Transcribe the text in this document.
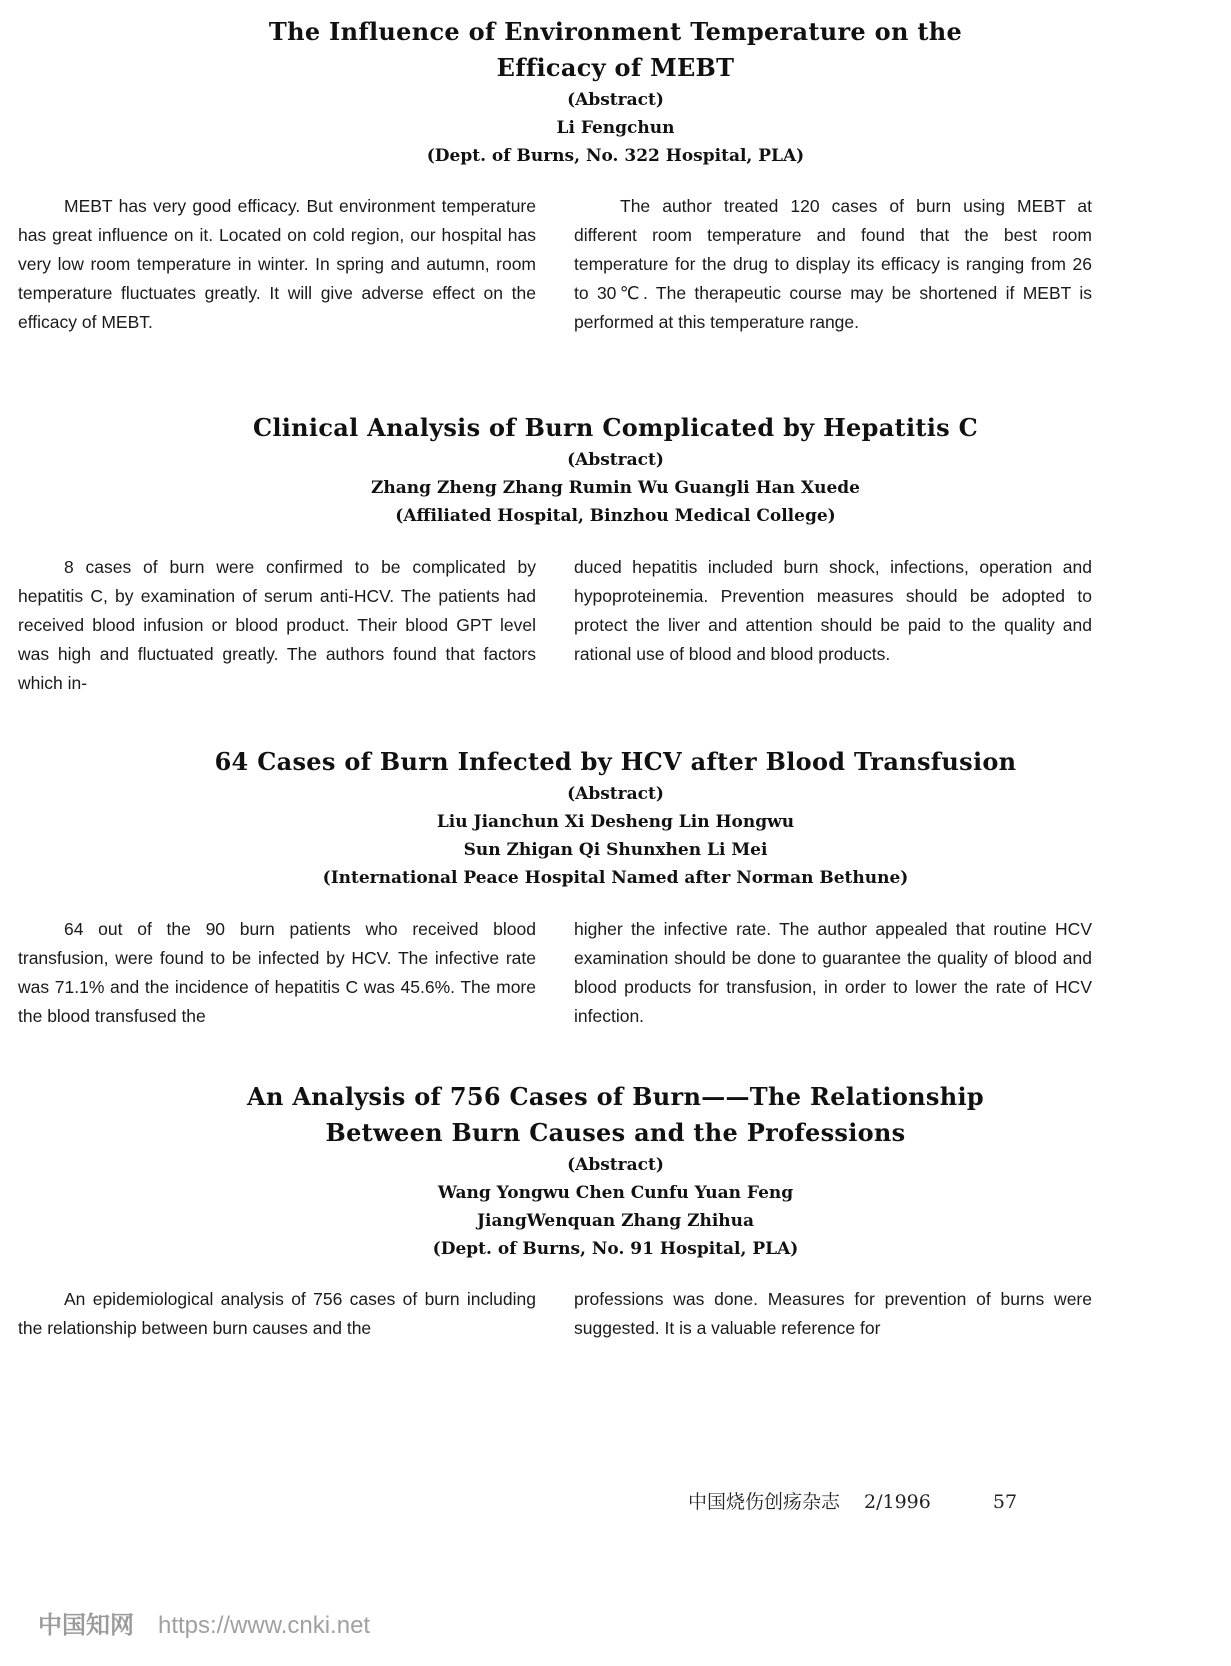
The Influence of Environment Temperature on the
Efficacy of MEBT
(Abstract)
Li Fengchun
(Dept. of Burns, No. 322 Hospital, PLA)

MEBT has very good efficacy. But environment temperature has great influence on it. Located on cold region, our hospital has very low room temperature in winter. In spring and autumn, room temperature fluctuates greatly. It will give adverse effect on the efficacy of MEBT.

The author treated 120 cases of burn using MEBT at different room temperature and found that the best room temperature for the drug to display its efficacy is ranging from 26 to 30℃. The therapeutic course may be shortened if MEBT is performed at this temperature range.

Clinical Analysis of Burn Complicated by Hepatitis C
(Abstract)
Zhang Zheng Zhang Rumin Wu Guangli Han Xuede
(Affiliated Hospital, Binzhou Medical College)

8 cases of burn were confirmed to be complicated by hepatitis C, by examination of serum anti-HCV. The patients had received blood infusion or blood product. Their blood GPT level was high and fluctuated greatly. The authors found that factors which in-

duced hepatitis included burn shock, infections, operation and hypoproteinemia. Prevention measures should be adopted to protect the liver and attention should be paid to the quality and rational use of blood and blood products.

64 Cases of Burn Infected by HCV after Blood Transfusion
(Abstract)
Liu Jianchun Xi Desheng Lin Hongwu
Sun Zhigan Qi Shunxhen Li Mei
(International Peace Hospital Named after Norman Bethune)

64 out of the 90 burn patients who received blood transfusion, were found to be infected by HCV. The infective rate was 71.1% and the incidence of hepatitis C was 45.6%. The more the blood transfused the

higher the infective rate. The author appealed that routine HCV examination should be done to guarantee the quality of blood and blood products for transfusion, in order to lower the rate of HCV infection.

An Analysis of 756 Cases of Burn——The Relationship
Between Burn Causes and the Professions
(Abstract)
Wang Yongwu Chen Cunfu Yuan Feng
JiangWenquan Zhang Zhihua
(Dept. of Burns, No. 91 Hospital, PLA)

An epidemiological analysis of 756 cases of burn including the relationship between burn causes and the

professions was done. Measures for prevention of burns were suggested. It is a valuable reference for

中国烧伤创疡杂志 2/1996	57
中国知网 https://www.cnki.net
